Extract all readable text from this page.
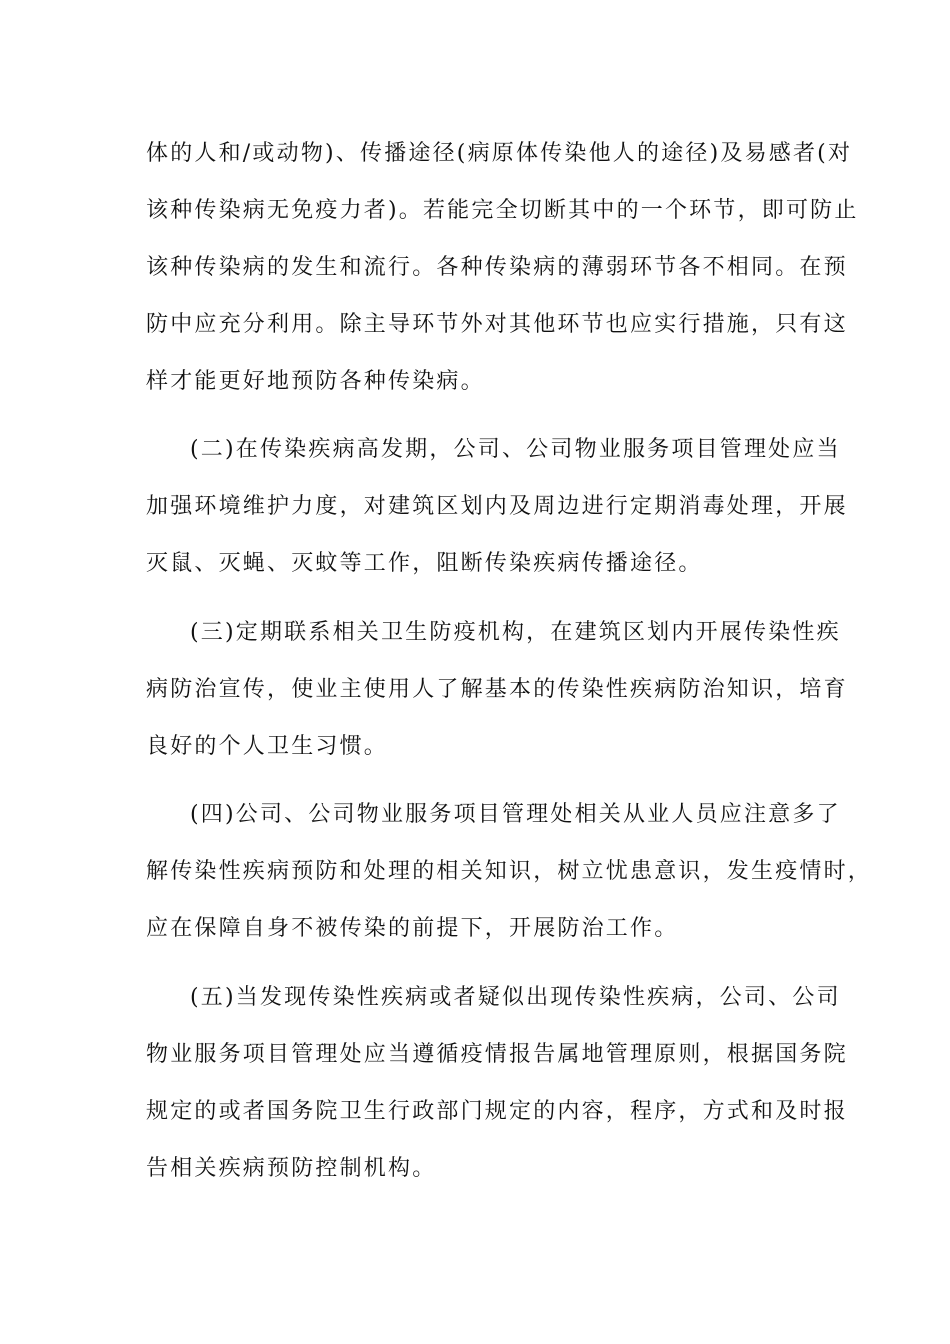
体的人和/或动物)、传播途径(病原体传染他人的途径)及易感者(对
该种传染病无免疫力者)。若能完全切断其中的一个环节，即可防止
该种传染病的发生和流行。各种传染病的薄弱环节各不相同。在预
防中应充分利用。除主导环节外对其他环节也应实行措施，只有这
样才能更好地预防各种传染病。
(二)在传染疾病高发期，公司、公司物业服务项目管理处应当
加强环境维护力度，对建筑区划内及周边进行定期消毒处理，开展
灭鼠、灭蝇、灭蚊等工作，阻断传染疾病传播途径。
(三)定期联系相关卫生防疫机构，在建筑区划内开展传染性疾
病防治宣传，使业主使用人了解基本的传染性疾病防治知识，培育
良好的个人卫生习惯。
(四)公司、公司物业服务项目管理处相关从业人员应注意多了
解传染性疾病预防和处理的相关知识，树立忧患意识，发生疫情时，
应在保障自身不被传染的前提下，开展防治工作。
(五)当发现传染性疾病或者疑似出现传染性疾病，公司、公司
物业服务项目管理处应当遵循疫情报告属地管理原则，根据国务院
规定的或者国务院卫生行政部门规定的内容，程序，方式和及时报
告相关疾病预防控制机构。
